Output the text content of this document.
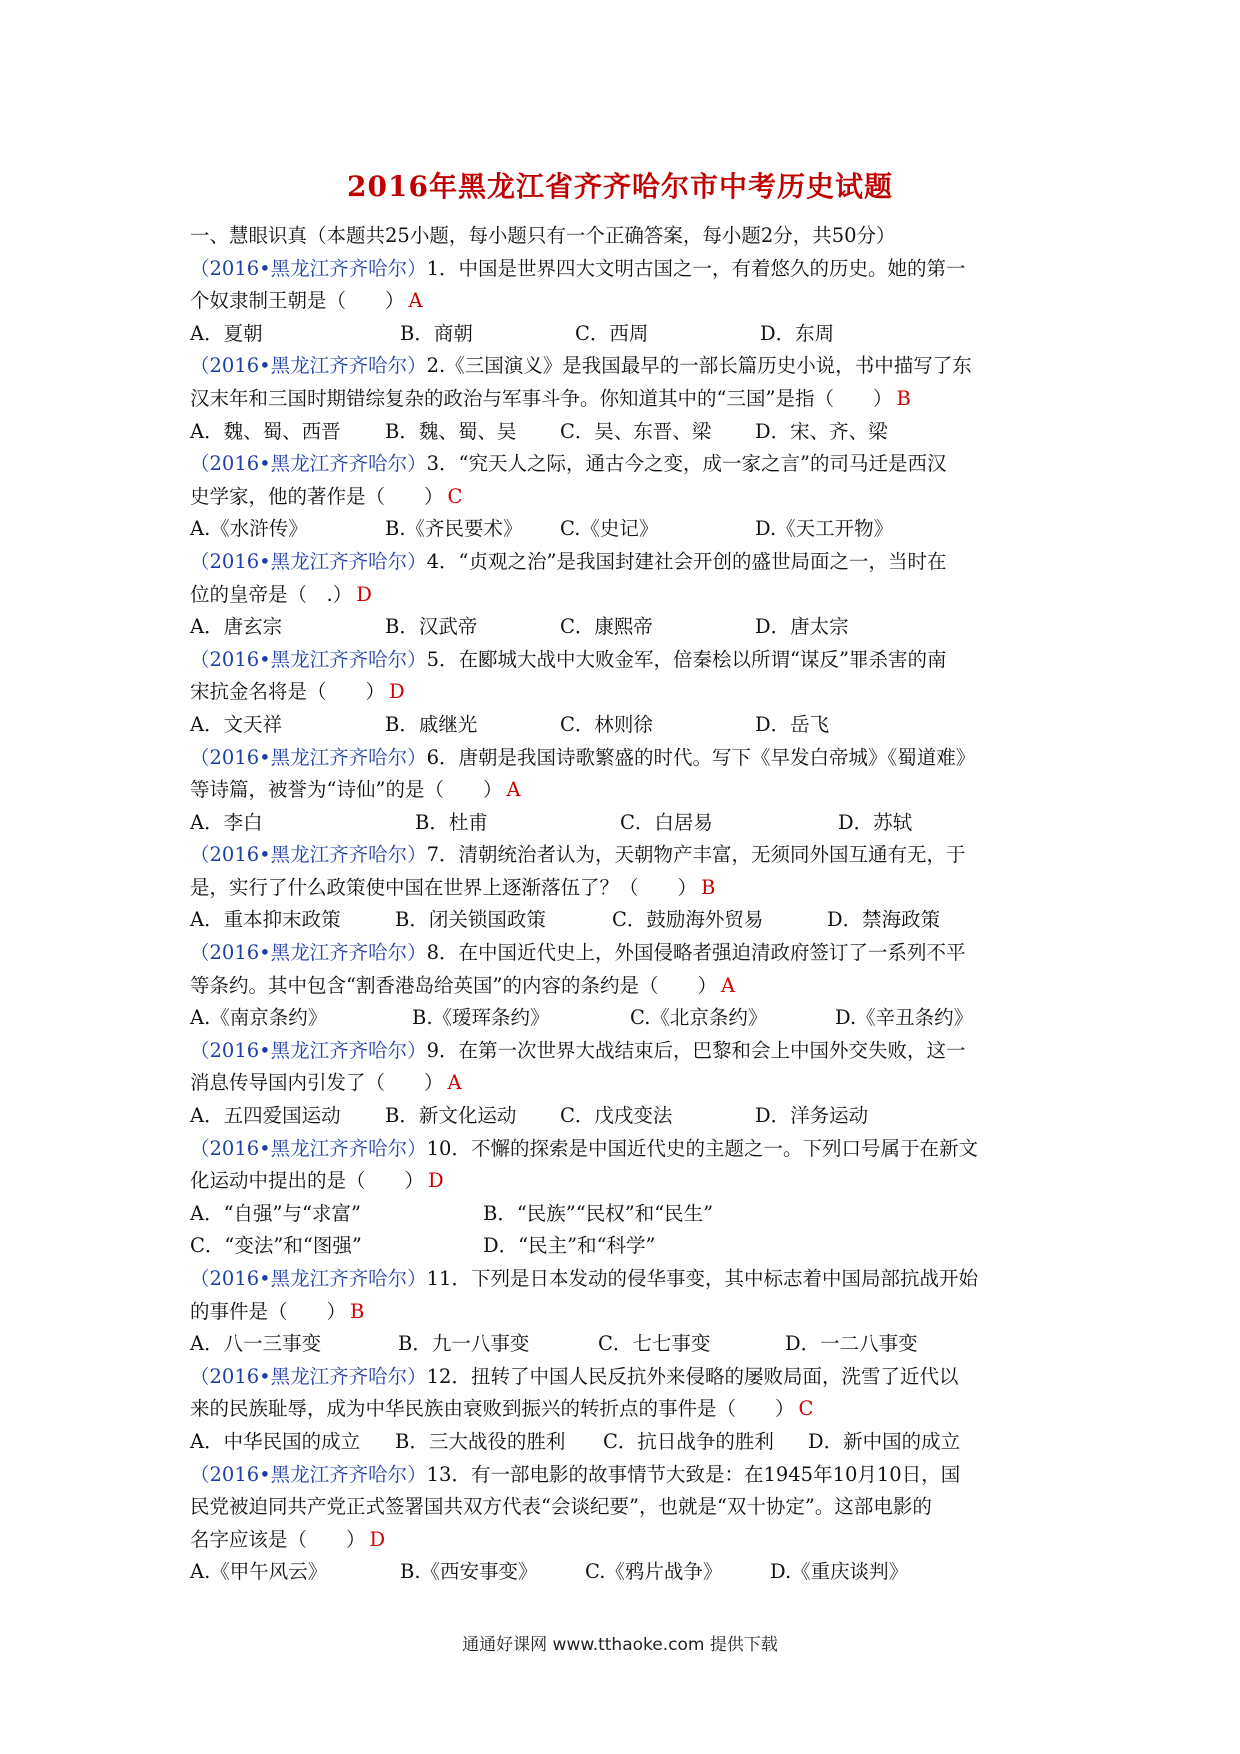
2016年黑龙江省齐齐哈尔市中考历史试题
一、慧眼识真（本题共25小题，每小题只有一个正确答案，每小题2分，共50分）
（2016•黑龙江齐齐哈尔）1．中国是世界四大文明古国之一，有着悠久的历史。她的第一
个奴隶制王朝是（　　） A
A．夏朝	B．商朝	C．西周	D．东周
（2016•黑龙江齐齐哈尔）2.《三国演义》是我国最早的一部长篇历史小说，书中描写了东
汉末年和三国时期错综复杂的政治与军事斗争。你知道其中的“三国”是指（　　） B
A．魏、蜀、西晋	B．魏、蜀、吴	C．吴、东晋、梁	D．宋、齐、梁
（2016•黑龙江齐齐哈尔）3．“究天人之际，通古今之变，成一家之言”的司马迁是西汉
史学家，他的著作是（　　） C
A.《水浒传》	B.《齐民要术》	C.《史记》	D.《天工开物》
（2016•黑龙江齐齐哈尔）4．“贞观之治”是我国封建社会开创的盛世局面之一，当时在
位的皇帝是（　.） D
A．唐玄宗	B．汉武帝	C．康熙帝	D．唐太宗
（2016•黑龙江齐齐哈尔）5．在郾城大战中大败金军，倍秦桧以所谓“谋反”罪杀害的南
宋抗金名将是（　　） D
A．文天祥	B．戚继光	C．林则徐	D．岳飞
（2016•黑龙江齐齐哈尔）6．唐朝是我国诗歌繁盛的时代。写下《早发白帝城》《蜀道难》
等诗篇，被誉为“诗仙”的是（　　） A
A．李白	B．杜甫	C．白居易	D．苏轼
（2016•黑龙江齐齐哈尔）7．清朝统治者认为，天朝物产丰富，无须同外国互通有无，于
是，实行了什么政策使中国在世界上逐渐落伍了？（　　） B
A．重本抑末政策	B．闭关锁国政策	C．鼓励海外贸易	D．禁海政策
（2016•黑龙江齐齐哈尔）8．在中国近代史上，外国侵略者强迫清政府签订了一系列不平
等条约。其中包含“割香港岛给英国”的内容的条约是（　　） A
A.《南京条约》	B.《瑷珲条约》	C.《北京条约》	D.《辛丑条约》
（2016•黑龙江齐齐哈尔）9．在第一次世界大战结束后，巴黎和会上中国外交失败，这一
消息传导国内引发了（　　） A
A．五四爱国运动	B．新文化运动	C．戊戌变法	D．洋务运动
（2016•黑龙江齐齐哈尔）10．不懈的探索是中国近代史的主题之一。下列口号属于在新文
化运动中提出的是（　　） D
A．“自强”与“求富”	B．“民族”“民权”和“民生”
C．“变法”和“图强”	D．“民主”和“科学”
（2016•黑龙江齐齐哈尔）11．下列是日本发动的侵华事变，其中标志着中国局部抗战开始
的事件是（　　） B
A．八一三事变	B．九一八事变	C．七七事变	D．一二八事变
（2016•黑龙江齐齐哈尔）12．扭转了中国人民反抗外来侵略的屡败局面，洗雪了近代以
来的民族耻辱，成为中华民族由衰败到振兴的转折点的事件是（　　） C
A．中华民国的成立	B．三大战役的胜利	C．抗日战争的胜利	D．新中国的成立
（2016•黑龙江齐齐哈尔）13．有一部电影的故事情节大致是：在1945年10月10日，国
民党被迫同共产党正式签署国共双方代表“会谈纪要”，也就是“双十协定”。这部电影的
名字应该是（　　） D
A.《甲午风云》	B.《西安事变》	C.《鸦片战争》	D.《重庆谈判》
通通好课网 www.tthaoke.com 提供下载
